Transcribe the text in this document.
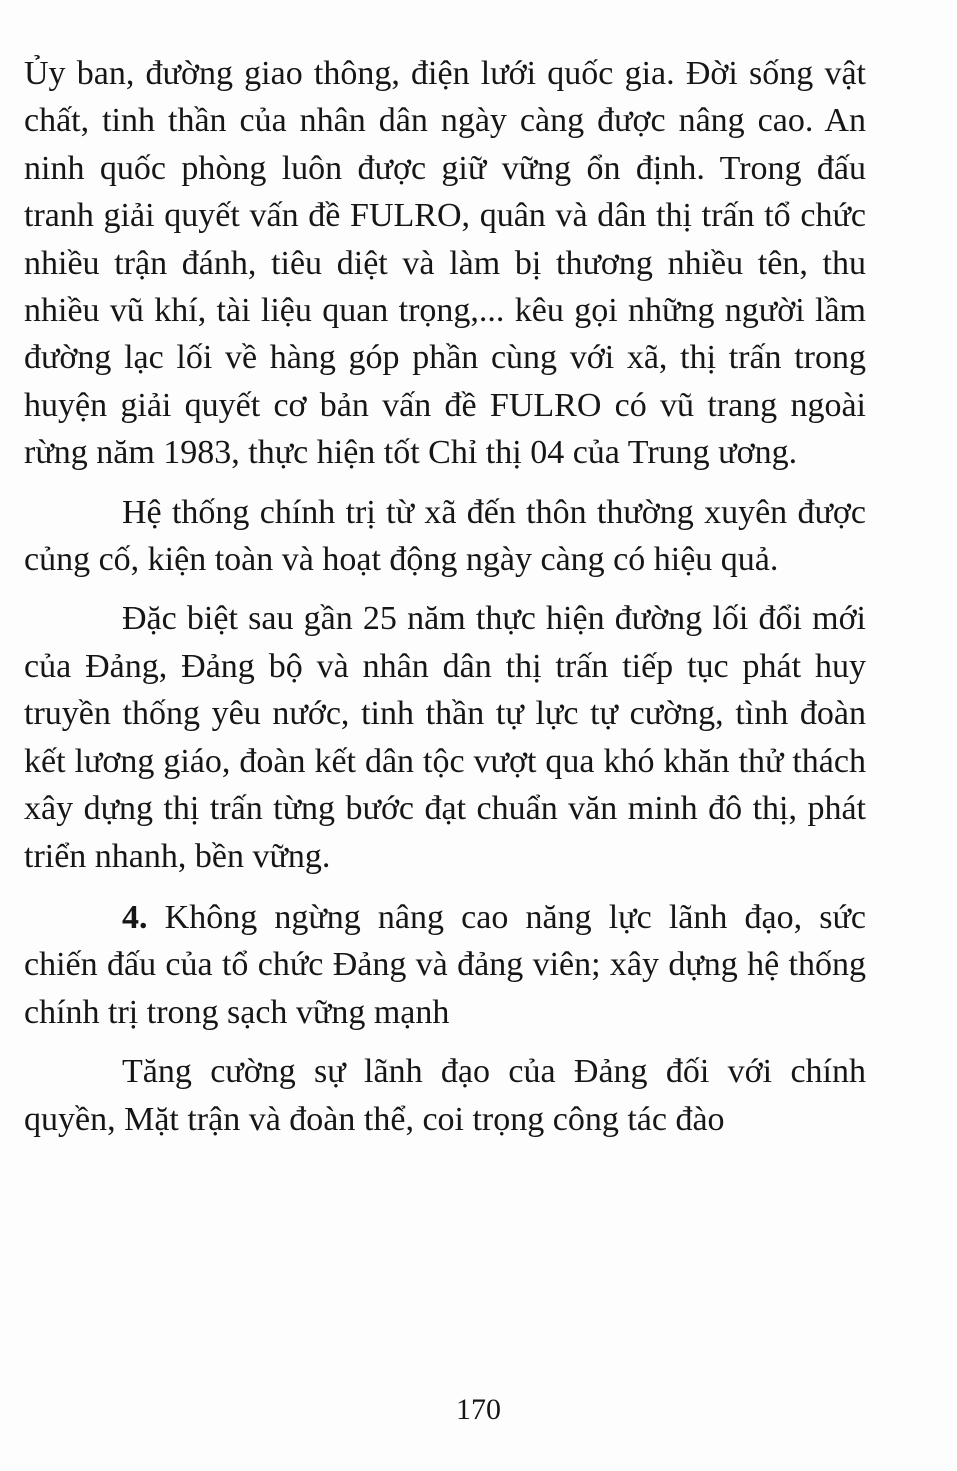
Ủy ban, đường giao thông, điện lưới quốc gia. Đời sống vật chất, tinh thần của nhân dân ngày càng được nâng cao. An ninh quốc phòng luôn được giữ vững ổn định. Trong đấu tranh giải quyết vấn đề FULRO, quân và dân thị trấn tổ chức nhiều trận đánh, tiêu diệt và làm bị thương nhiều tên, thu nhiều vũ khí, tài liệu quan trọng,... kêu gọi những người lầm đường lạc lối về hàng góp phần cùng với xã, thị trấn trong huyện giải quyết cơ bản vấn đề FULRO có vũ trang ngoài rừng năm 1983, thực hiện tốt Chỉ thị 04 của Trung ương.

Hệ thống chính trị từ xã đến thôn thường xuyên được củng cố, kiện toàn và hoạt động ngày càng có hiệu quả.

Đặc biệt sau gần 25 năm thực hiện đường lối đổi mới của Đảng, Đảng bộ và nhân dân thị trấn tiếp tục phát huy truyền thống yêu nước, tinh thần tự lực tự cường, tình đoàn kết lương giáo, đoàn kết dân tộc vượt qua khó khăn thử thách xây dựng thị trấn từng bước đạt chuẩn văn minh đô thị, phát triển nhanh, bền vững.

4. Không ngừng nâng cao năng lực lãnh đạo, sức chiến đấu của tổ chức Đảng và đảng viên; xây dựng hệ thống chính trị trong sạch vững mạnh

Tăng cường sự lãnh đạo của Đảng đối với chính quyền, Mặt trận và đoàn thể, coi trọng công tác đào

170
